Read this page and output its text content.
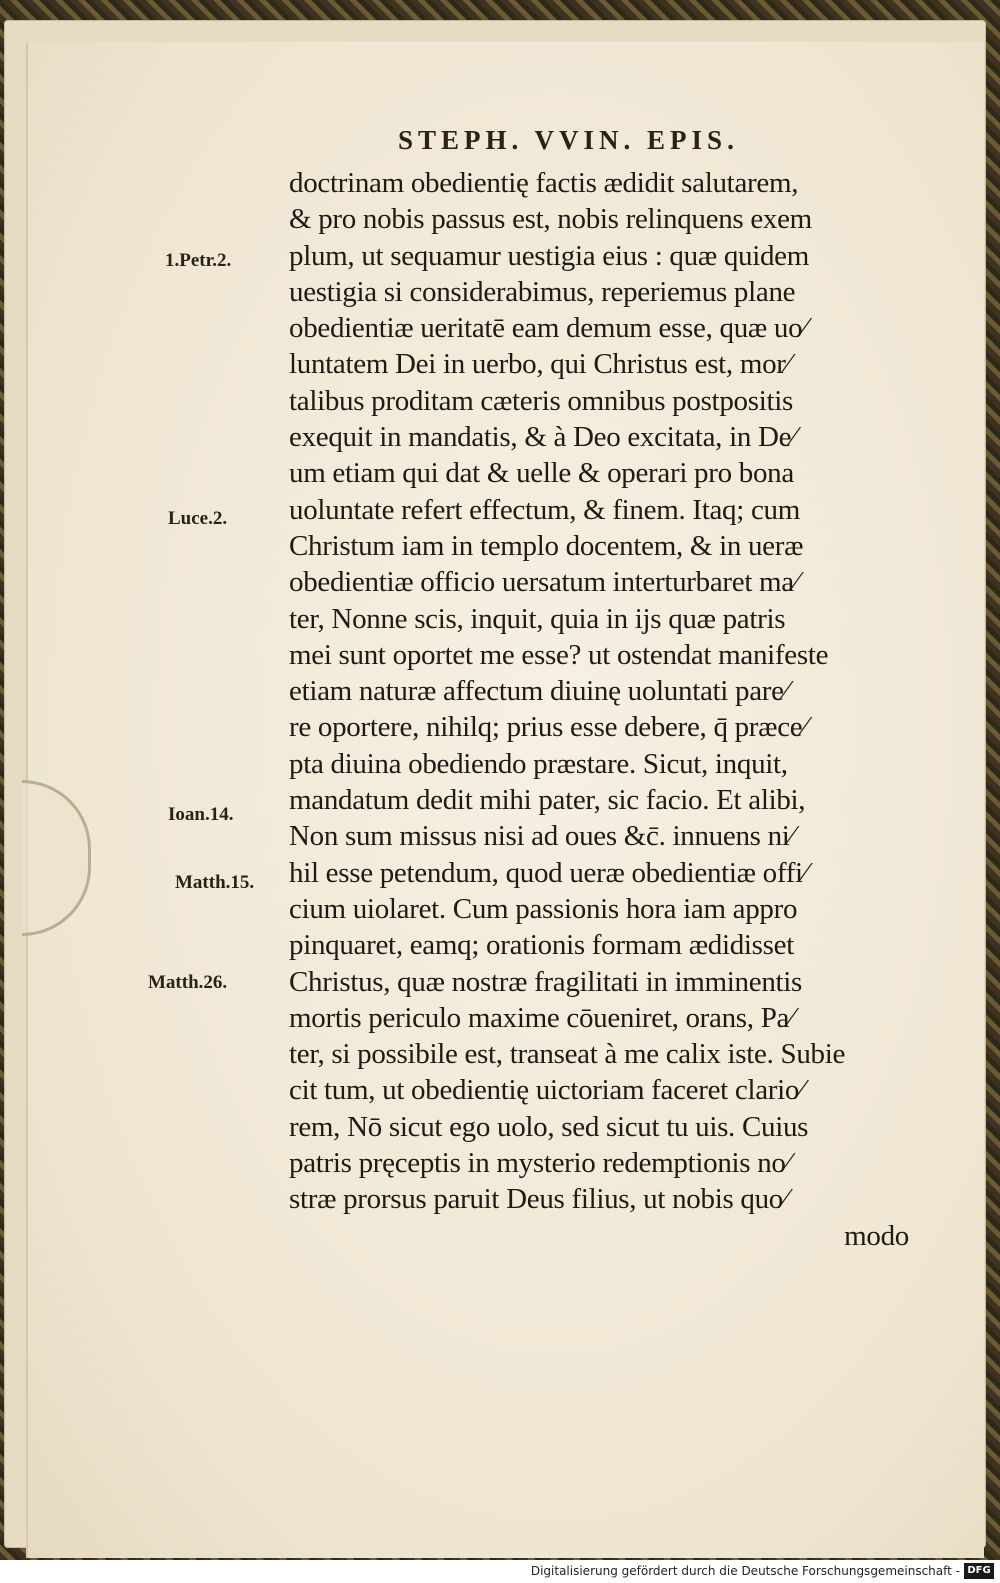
STEPH. VVIN. EPIS.
doctrinam obedientię factis ædidit salutarem,
& pro nobis passus est, nobis relinquens exem
plum, ut sequamur uestigia eius : quæ quidem
uestigia si considerabimus, reperiemus plane
obedientiæ ueritatē eam demum esse, quæ uo⁄
luntatem Dei in uerbo, qui Christus est, mor⁄
talibus proditam cæteris omnibus postpositis
exequit in mandatis, & à Deo excitata, in De⁄
um etiam qui dat & uelle & operari pro bona
uoluntate refert effectum, & finem. Itaq; cum
Christum iam in templo docentem, & in ueræ
obedientiæ officio uersatum interturbaret ma⁄
ter, Nonne scis, inquit, quia in ijs quæ patris
mei sunt oportet me esse? ut ostendat manifeste
etiam naturæ affectum diuinę uoluntati pare⁄
re oportere, nihilq; prius esse debere, q̄ præce⁄
pta diuina obediendo præstare. Sicut, inquit,
mandatum dedit mihi pater, sic facio. Et alibi,
Non sum missus nisi ad oues &c̄. innuens ni⁄
hil esse petendum, quod ueræ obedientiæ offi⁄
cium uiolaret. Cum passionis hora iam appro
pinquaret, eamq; orationis formam ædidisset
Christus, quæ nostræ fragilitati in imminentis
mortis periculo maxime cōueniret, orans, Pa⁄
ter, si possibile est, transeat à me calix iste. Subie
cit tum, ut obedientię uictoriam faceret clario⁄
rem, Nō sicut ego uolo, sed sicut tu uis. Cuius
patris pręceptis in mysterio redemptionis no⁄
stræ prorsus paruit Deus filius, ut nobis quo⁄
modo
1.Petr.2.
Luce.2.
Ioan.14.
Matth.15.
Matth.26.
Digitalisierung gefördert durch die Deutsche Forschungsgemeinschaft - DFG
